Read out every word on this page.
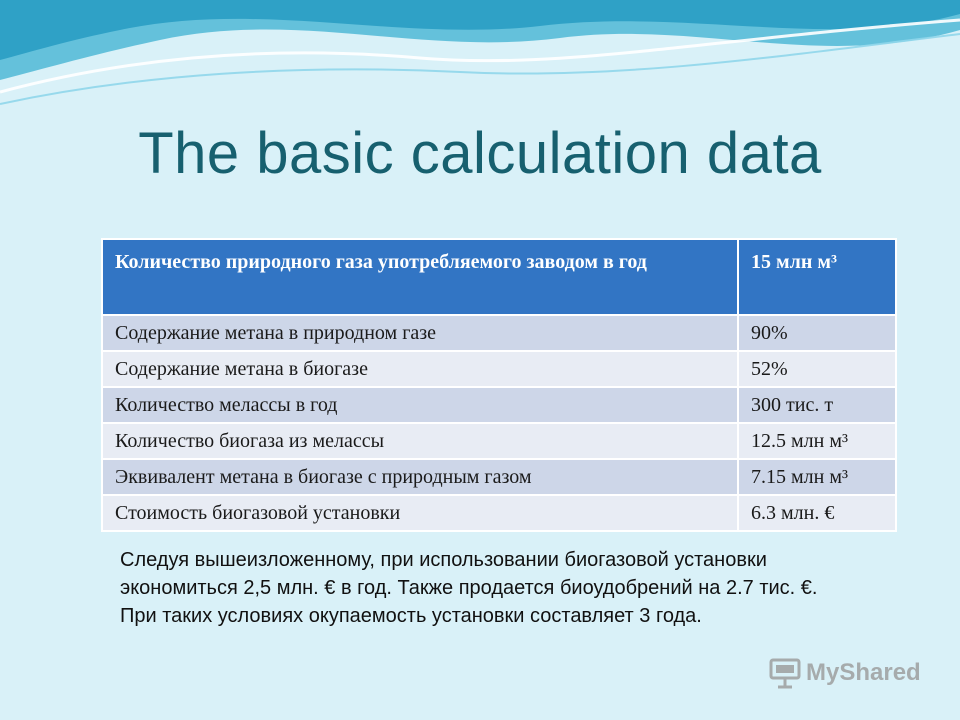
The basic calculation data
Количество природного газа употребляемого заводом в год	15 млн м³
Содержание метана в природном газе	90%
Содержание метана в биогазе	52%
Количество мелассы в год	300 тис. т
Количество биогаза из мелассы	12.5 млн м³
Эквивалент метана в биогазе с природным газом	7.15 млн м³
Стоимость биогазовой установки	6.3 млн. €
Следуя вышеизложенному, при использовании биогазовой установки экономиться 2,5 млн. € в год. Также продается биоудобрений на 2.7 тис. €. При таких условиях окупаемость установки составляет 3 года.
MyShared
